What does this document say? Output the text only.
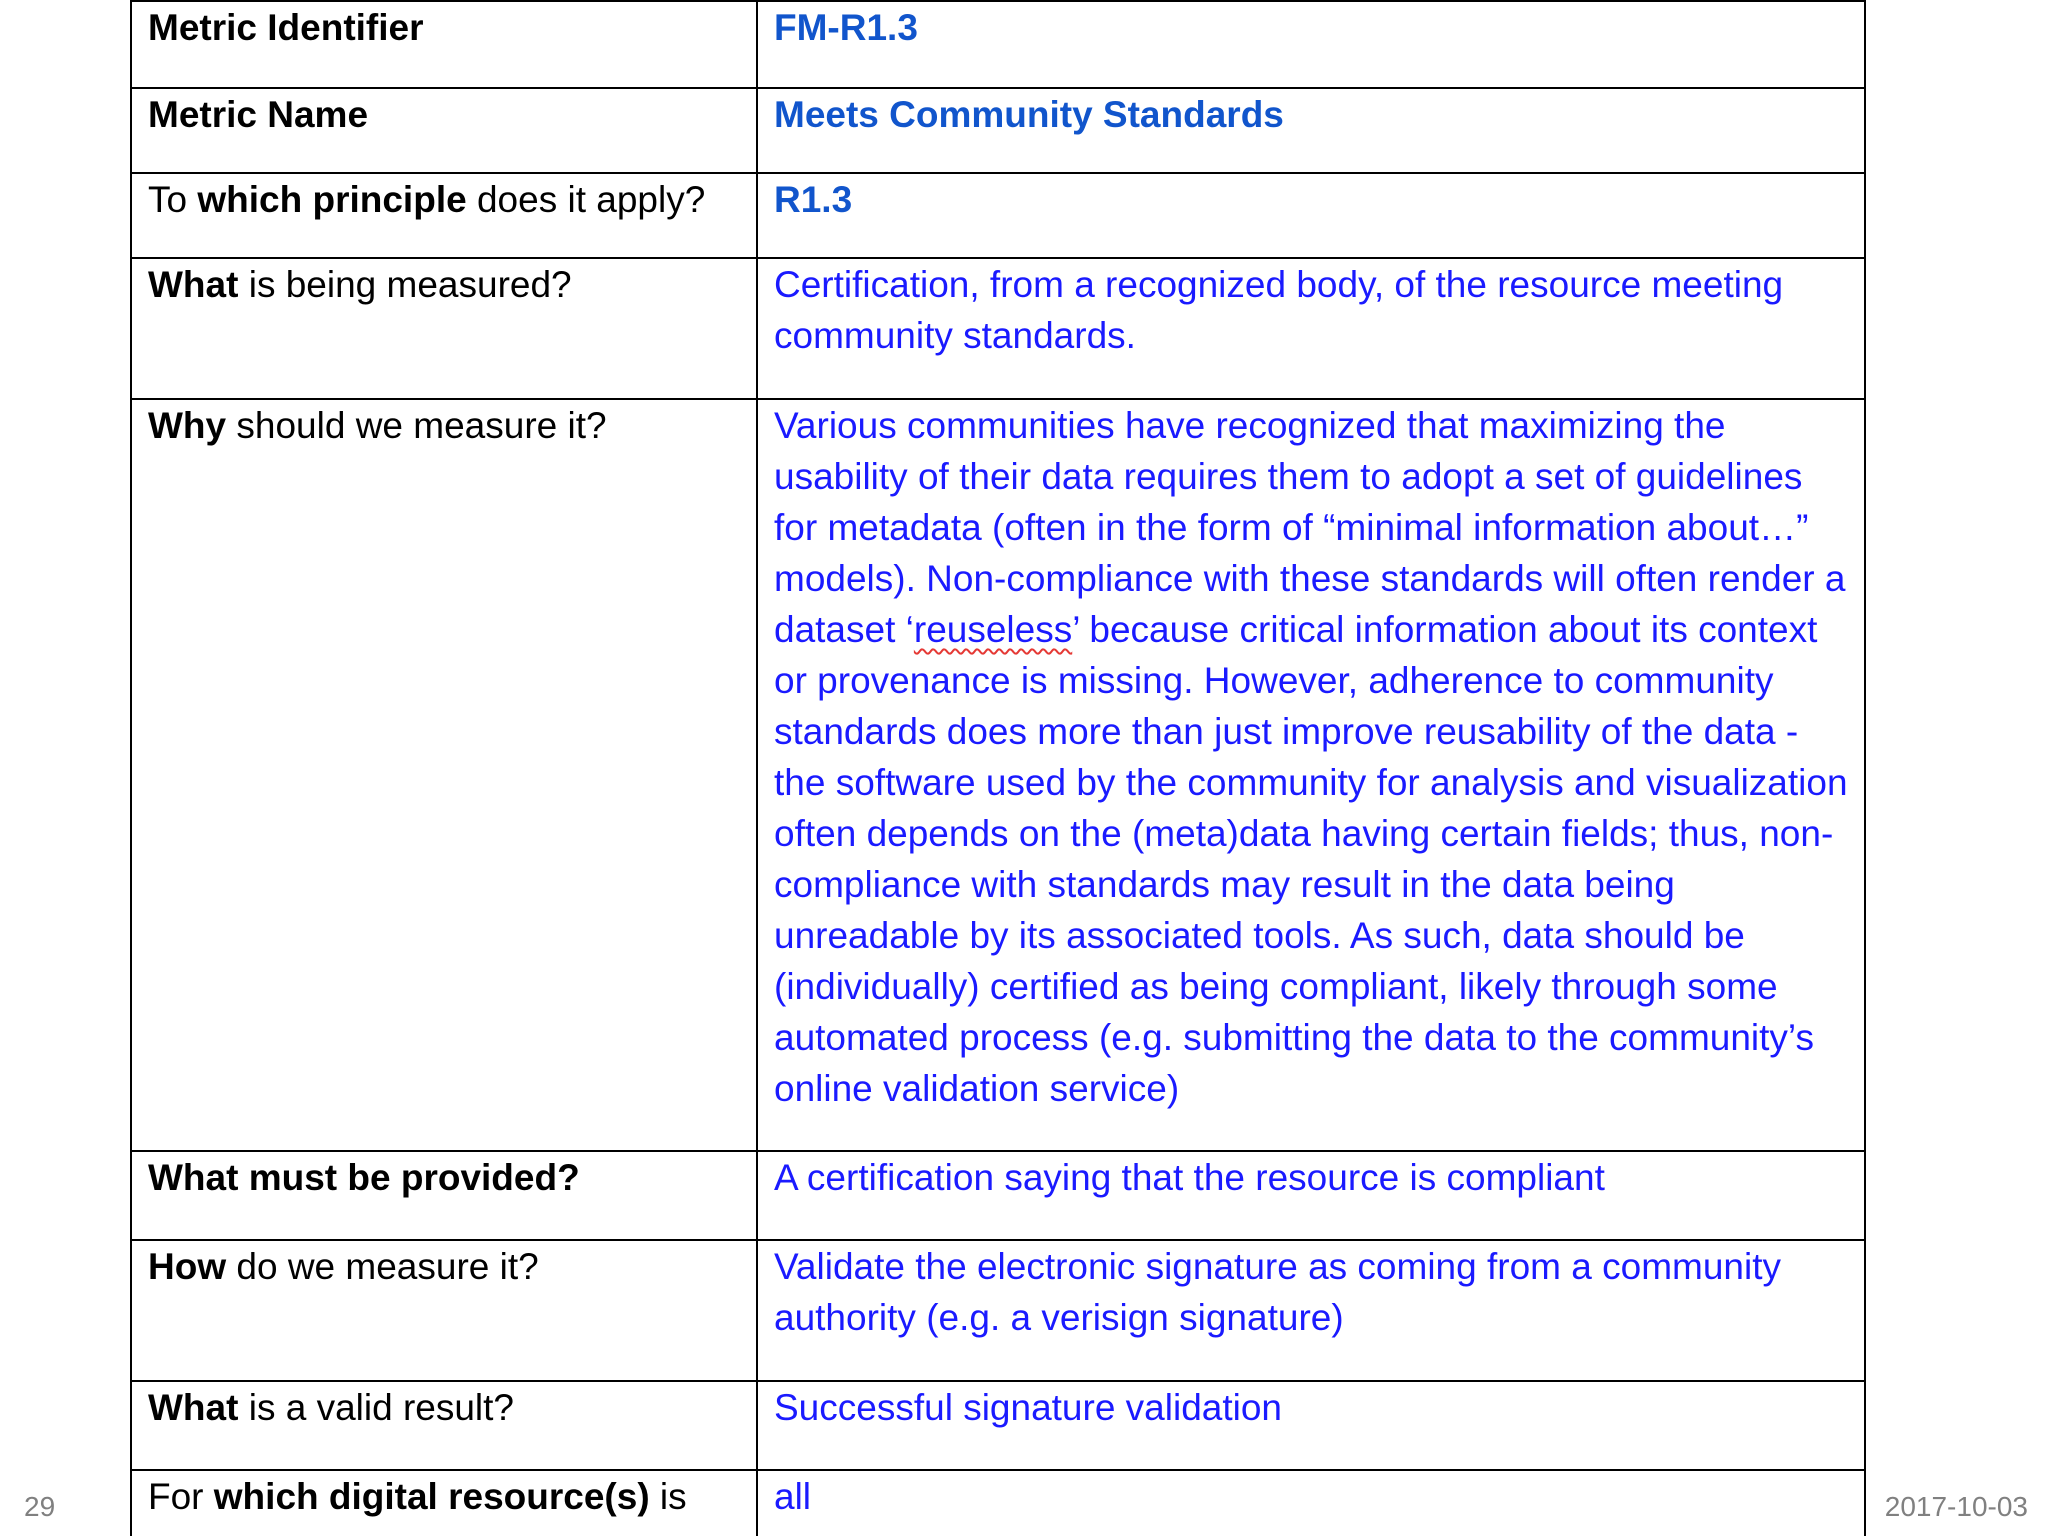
Metric Identifier	FM-R1.3
Metric Name	Meets Community Standards
To which principle does it apply?	R1.3
What is being measured?	Certification, from a recognized body, of the resource meeting community standards.
Why should we measure it?	Various communities have recognized that maximizing the usability of their data requires them to adopt a set of guidelines for metadata (often in the form of “minimal information about…” models). Non-compliance with these standards will often render a dataset ‘reuseless’ because critical information about its context or provenance is missing. However, adherence to community standards does more than just improve reusability of the data - the software used by the community for analysis and visualization often depends on the (meta)data having certain fields; thus, non-compliance with standards may result in the data being unreadable by its associated tools. As such, data should be (individually) certified as being compliant, likely through some automated process (e.g. submitting the data to the community’s online validation service)
What must be provided?	A certification saying that the resource is compliant
How do we measure it?	Validate the electronic signature as coming from a community authority (e.g. a verisign signature)
What is a valid result?	Successful signature validation
For which digital resource(s) is	all
29	2017-10-03
